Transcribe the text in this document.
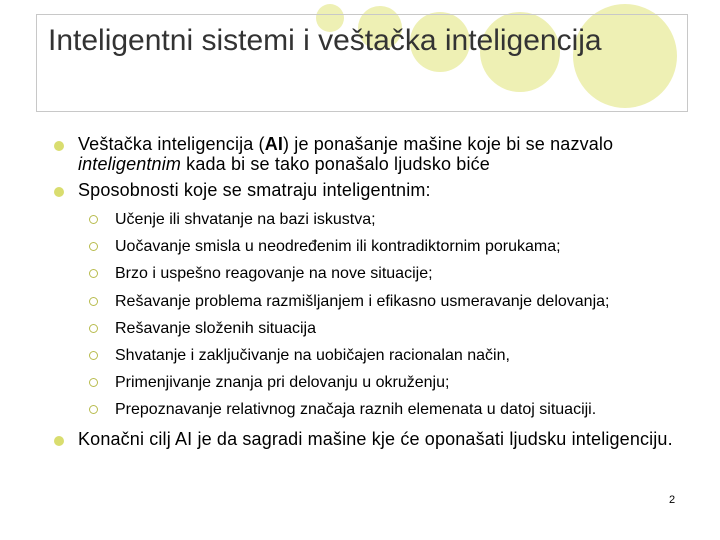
Inteligentni sistemi i veštačka inteligencija
Veštačka inteligencija (AI) je ponašanje mašine koje bi se nazvalo
inteligentnim kada bi se tako ponašalo ljudsko biće
Sposobnosti koje se smatraju inteligentnim:
Učenje ili shvatanje na bazi iskustva;
Uočavanje smisla u neodređenim ili kontradiktornim porukama;
Brzo i uspešno reagovanje na nove situacije;
Rešavanje problema razmišljanjem i efikasno usmeravanje delovanja;
Rešavanje složenih situacija
Shvatanje i zaključivanje na uobičajen racionalan način,
Primenjivanje znanja pri delovanju u okruženju;
Prepoznavanje relativnog značaja raznih elemenata u datoj situaciji.
Konačni cilj AI je da sagradi mašine kje će oponašati ljudsku inteligenciju.
2
